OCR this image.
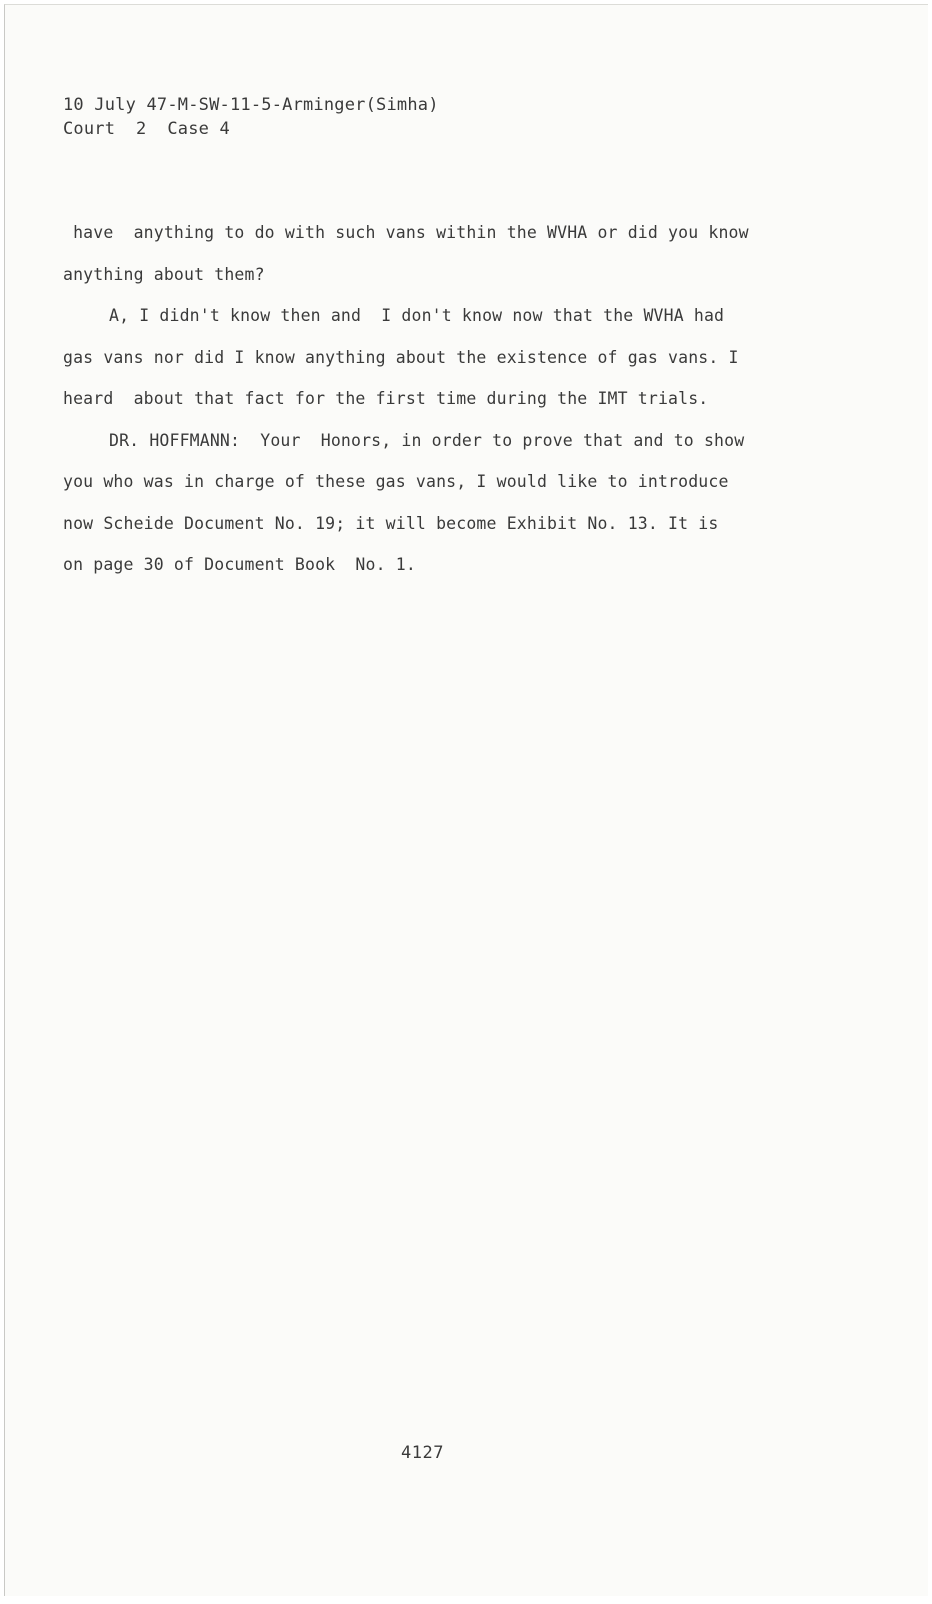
10 July 47-M-SW-11-5-Arminger(Simha)
Court  2  Case 4
have  anything to do with such vans within the WVHA or did you know
anything about them?
A, I didn't know then and  I don't know now that the WVHA had
gas vans nor did I know anything about the existence of gas vans. I
heard  about that fact for the first time during the IMT trials.
DR. HOFFMANN:  Your  Honors, in order to prove that and to show
you who was in charge of these gas vans, I would like to introduce
now Scheide Document No. 19; it will become Exhibit No. 13. It is
on page 30 of Document Book  No. 1.
4127
